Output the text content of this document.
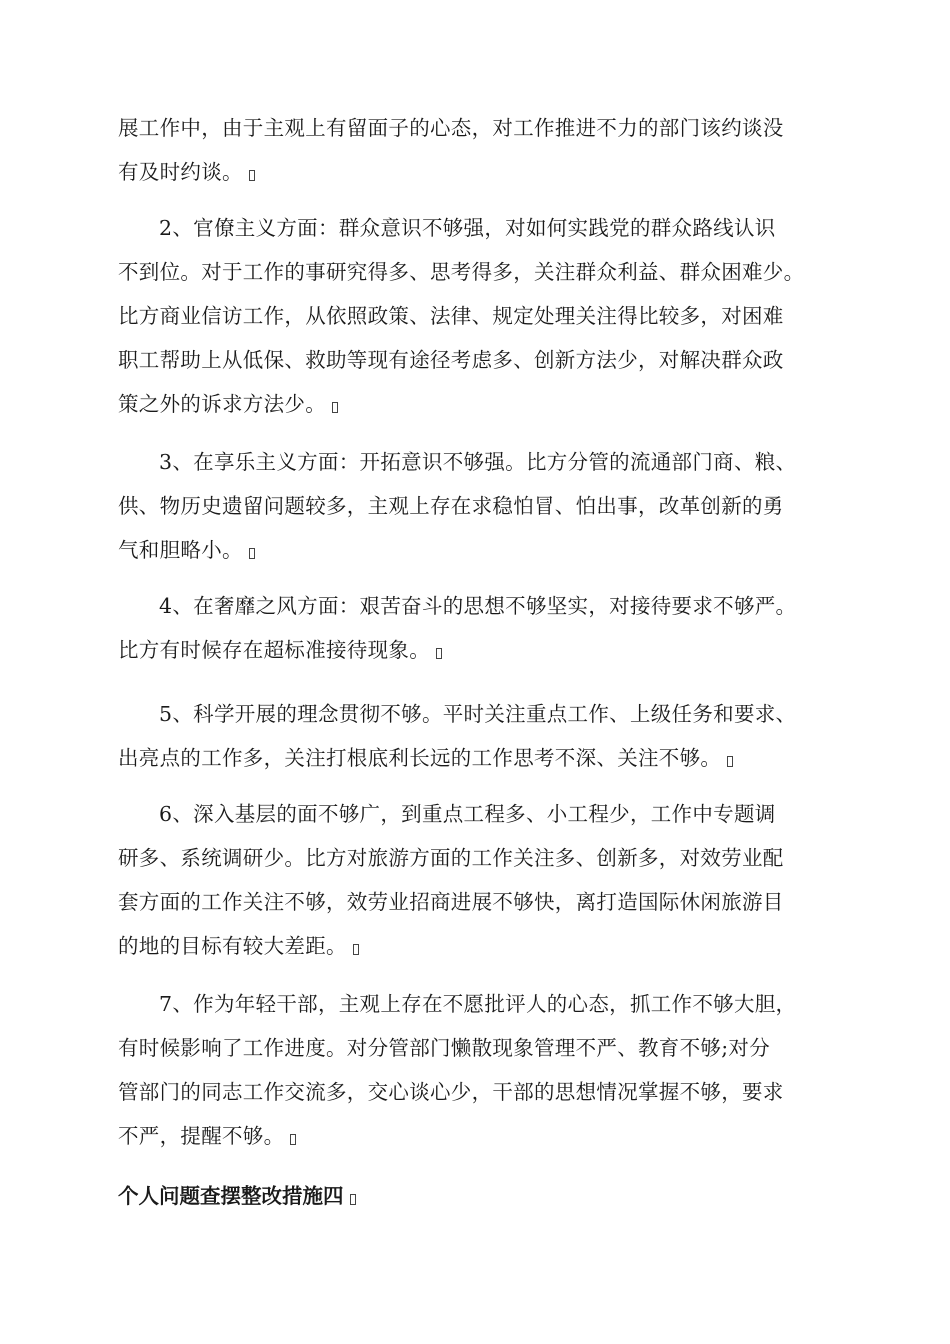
展工作中，由于主观上有留面子的心态，对工作推进不力的部门该约谈没
有及时约谈。

2、官僚主义方面：群众意识不够强，对如何实践党的群众路线认识
不到位。对于工作的事研究得多、思考得多，关注群众利益、群众困难少。
比方商业信访工作，从依照政策、法律、规定处理关注得比较多，对困难
职工帮助上从低保、救助等现有途径考虑多、创新方法少，对解决群众政
策之外的诉求方法少。

3、在享乐主义方面：开拓意识不够强。比方分管的流通部门商、粮、
供、物历史遗留问题较多，主观上存在求稳怕冒、怕出事，改革创新的勇
气和胆略小。

4、在奢靡之风方面：艰苦奋斗的思想不够坚实，对接待要求不够严。
比方有时候存在超标准接待现象。

5、科学开展的理念贯彻不够。平时关注重点工作、上级任务和要求、
出亮点的工作多，关注打根底利长远的工作思考不深、关注不够。

6、深入基层的面不够广，到重点工程多、小工程少，工作中专题调
研多、系统调研少。比方对旅游方面的工作关注多、创新多，对效劳业配
套方面的工作关注不够，效劳业招商进展不够快，离打造国际休闲旅游目
的地的目标有较大差距。

7、作为年轻干部，主观上存在不愿批评人的心态，抓工作不够大胆，
有时候影响了工作进度。对分管部门懒散现象管理不严、教育不够;对分
管部门的同志工作交流多，交心谈心少，干部的思想情况掌握不够，要求
不严，提醒不够。

个人问题查摆整改措施四
